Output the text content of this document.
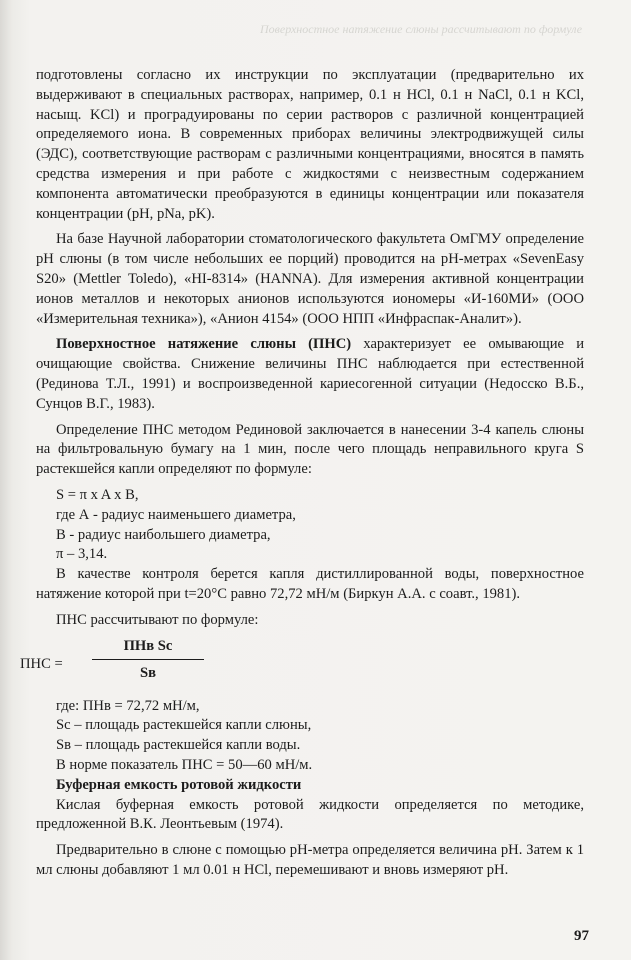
Поверхностное натяжение слюны рассчитывают по формуле

подготовлены согласно их инструкции по эксплуатации (предварительно их выдерживают в специальных растворах, например, 0.1 н HCl, 0.1 н NaCl, 0.1 н KCl, насыщ. KCl) и проградуированы по серии растворов с различной концентрацией определяемого иона. В современных приборах величины электродвижущей силы (ЭДС), соответствующие растворам с различными концентрациями, вносятся в память средства измерения и при работе с жидкостями с неизвестным содержанием компонента автоматически преобразуются в единицы концентрации или показателя концентрации (pH, pNa, pK).

На базе Научной лаборатории стоматологического факультета ОмГМУ определение pH слюны (в том числе небольших ее порций) проводится на pH-метрах «SevenEasy S20» (Mettler Toledo), «HI-8314» (HANNA). Для измерения активной концентрации ионов металлов и некоторых анионов используются иономеры «И-160МИ» (ООО «Измерительная техника»), «Анион 4154» (ООО НПП «Инфраспак-Аналит»).

Поверхностное натяжение слюны (ПНС) характеризует ее омывающие и очищающие свойства. Снижение величины ПНС наблюдается при естественной (Рединова Т.Л., 1991) и воспроизведенной кариесогенной ситуации (Недосско В.Б., Сунцов В.Г., 1983).

Определение ПНС методом Рединовой заключается в нанесении 3-4 капель слюны на фильтровальную бумагу на 1 мин, после чего площадь неправильного круга S растекшейся капли определяют по формуле:

S = π x A x B,
где А - радиус наименьшего диаметра,
В - радиус наибольшего диаметра,
π – 3,14.

В качестве контроля берется капля дистиллированной воды, поверхностное натяжение которой при t=20°С равно 72,72 мН/м (Биркун А.А. с соавт., 1981).

ПНС рассчитывают по формуле:

ПНС =
ПНв Sc
Sв
где: ПНв = 72,72 мН/м,
Sc – площадь растекшейся капли слюны,
Sв – площадь растекшейся капли воды.
В норме показатель ПНС = 50—60 мН/м.
Буферная емкость ротовой жидкости

Кислая буферная емкость ротовой жидкости определяется по методике, предложенной В.К. Леонтьевым (1974).

Предварительно в слюне с помощью pH-метра определяется величина pH. Затем к 1 мл слюны добавляют 1 мл 0.01 н HCl, перемешивают и вновь измеряют pH.

97
